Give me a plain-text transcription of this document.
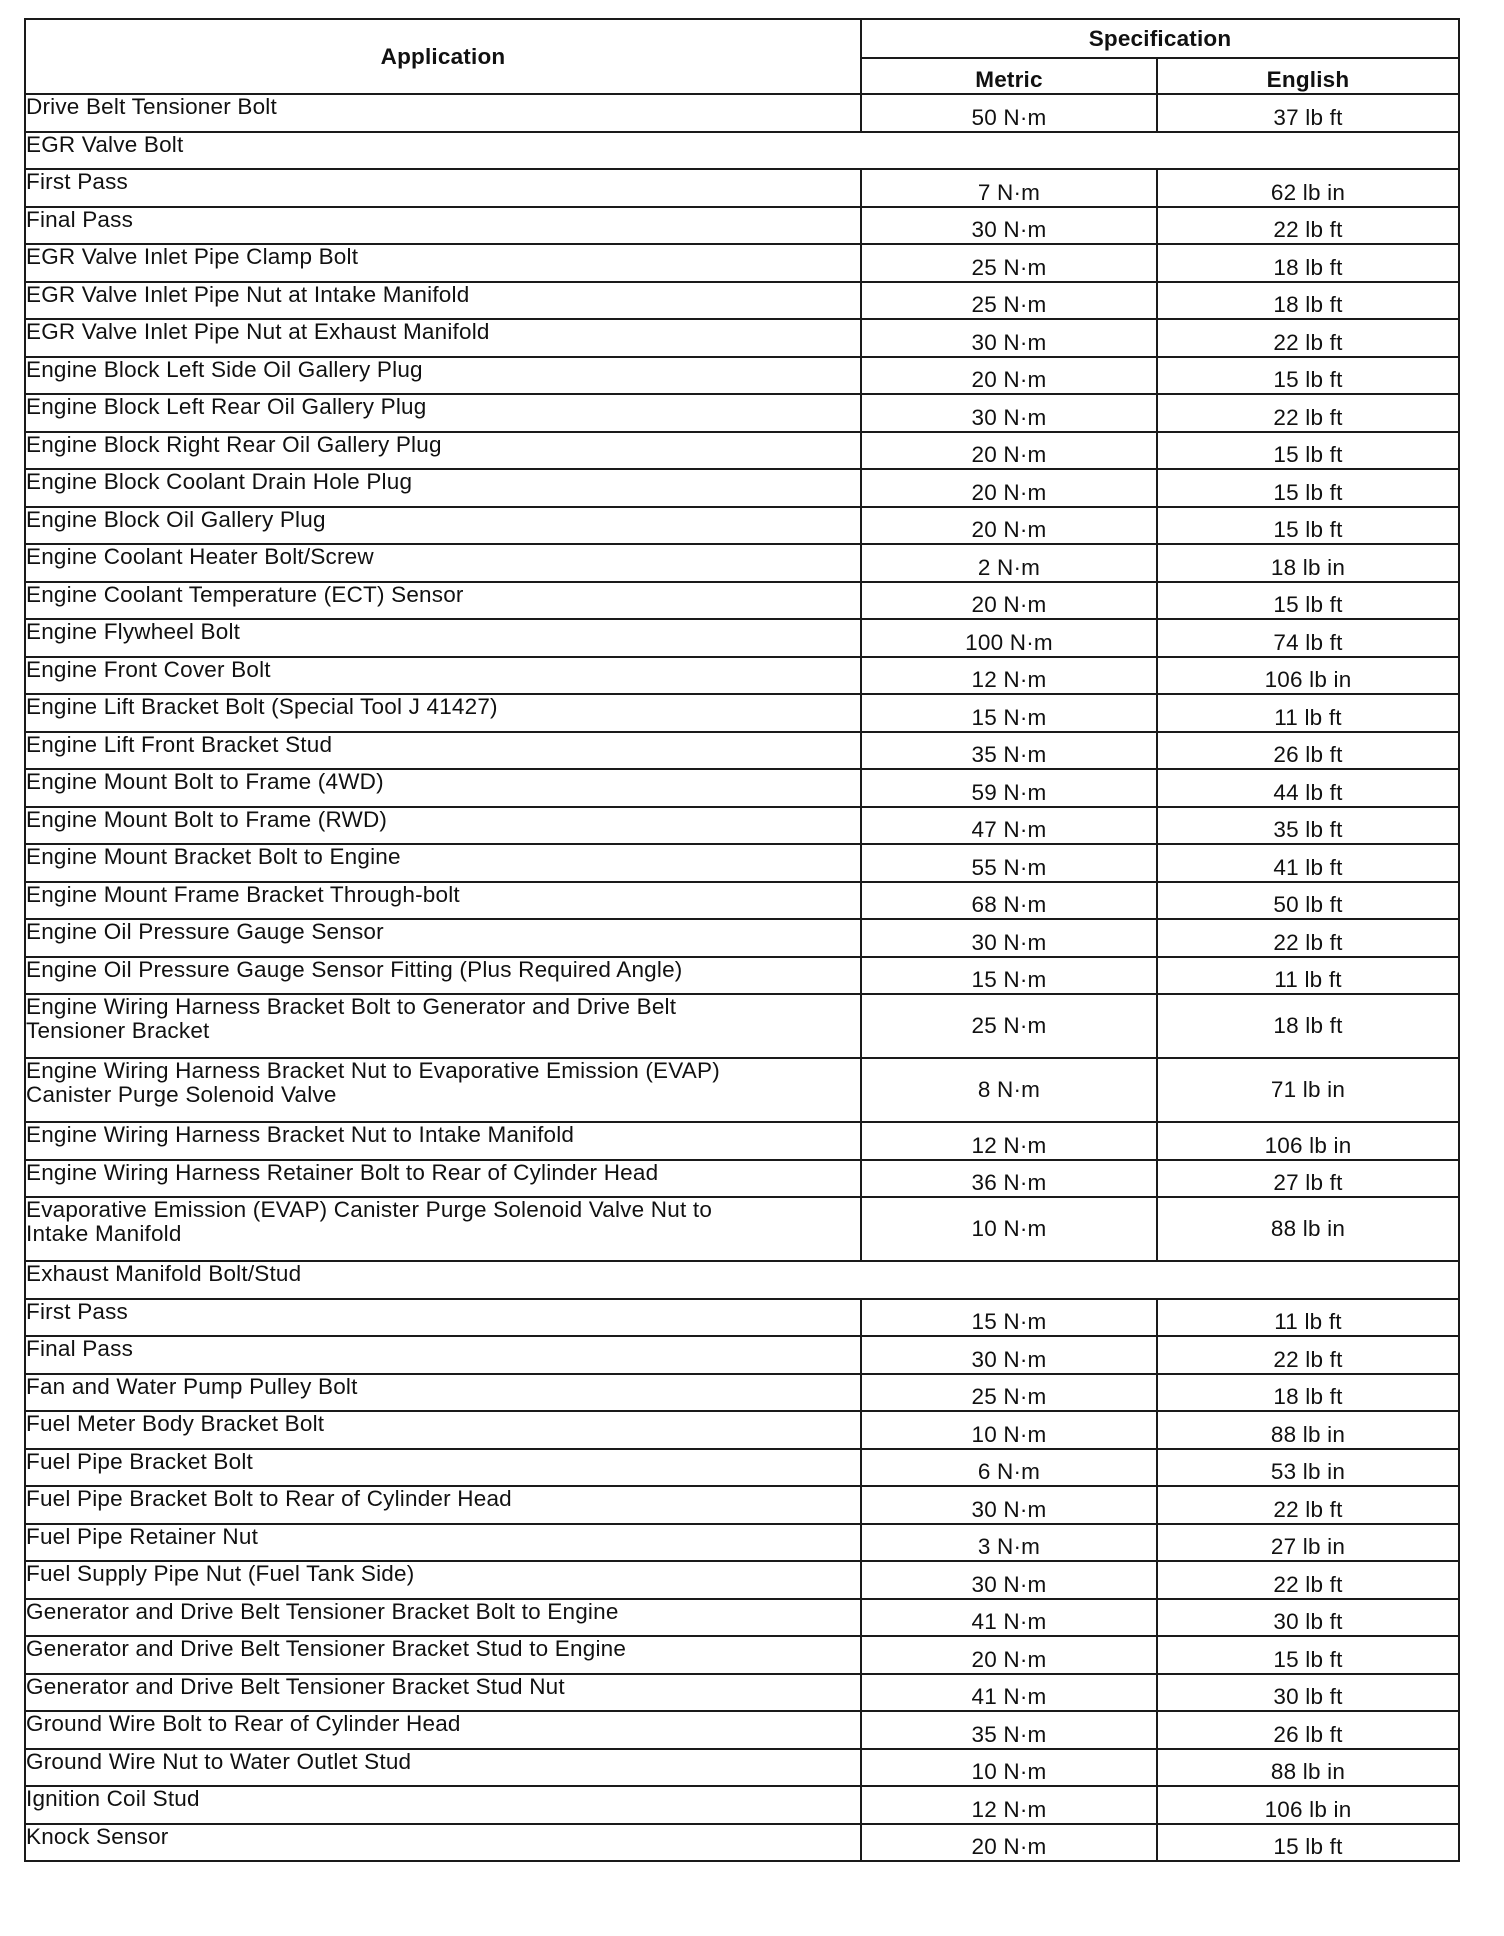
Application	Specification	
	Metric	English
Drive Belt Tensioner Bolt	50 N·m	37 lb ft
EGR Valve Bolt		
First Pass	7 N·m	62 lb in
Final Pass	30 N·m	22 lb ft
EGR Valve Inlet Pipe Clamp Bolt	25 N·m	18 lb ft
EGR Valve Inlet Pipe Nut at Intake Manifold	25 N·m	18 lb ft
EGR Valve Inlet Pipe Nut at Exhaust Manifold	30 N·m	22 lb ft
Engine Block Left Side Oil Gallery Plug	20 N·m	15 lb ft
Engine Block Left Rear Oil Gallery Plug	30 N·m	22 lb ft
Engine Block Right Rear Oil Gallery Plug	20 N·m	15 lb ft
Engine Block Coolant Drain Hole Plug	20 N·m	15 lb ft
Engine Block Oil Gallery Plug	20 N·m	15 lb ft
Engine Coolant Heater Bolt/Screw	2 N·m	18 lb in
Engine Coolant Temperature (ECT) Sensor	20 N·m	15 lb ft
Engine Flywheel Bolt	100 N·m	74 lb ft
Engine Front Cover Bolt	12 N·m	106 lb in
Engine Lift Bracket Bolt (Special Tool J 41427)	15 N·m	11 lb ft
Engine Lift Front Bracket Stud	35 N·m	26 lb ft
Engine Mount Bolt to Frame (4WD)	59 N·m	44 lb ft
Engine Mount Bolt to Frame (RWD)	47 N·m	35 lb ft
Engine Mount Bracket Bolt to Engine	55 N·m	41 lb ft
Engine Mount Frame Bracket Through-bolt	68 N·m	50 lb ft
Engine Oil Pressure Gauge Sensor	30 N·m	22 lb ft
Engine Oil Pressure Gauge Sensor Fitting (Plus Required Angle)	15 N·m	11 lb ft

Engine Wiring Harness Bracket Bolt to Generator and Drive Belt
Tensioner Bracket	25 N·m	18 lb ft

Engine Wiring Harness Bracket Nut to Evaporative Emission (EVAP)
Canister Purge Solenoid Valve	8 N·m	71 lb in
Engine Wiring Harness Bracket Nut to Intake Manifold	12 N·m	106 lb in
Engine Wiring Harness Retainer Bolt to Rear of Cylinder Head	36 N·m	27 lb ft

Evaporative Emission (EVAP) Canister Purge Solenoid Valve Nut to
Intake Manifold	10 N·m	88 lb in
Exhaust Manifold Bolt/Stud		
First Pass	15 N·m	11 lb ft
Final Pass	30 N·m	22 lb ft
Fan and Water Pump Pulley Bolt	25 N·m	18 lb ft
Fuel Meter Body Bracket Bolt	10 N·m	88 lb in
Fuel Pipe Bracket Bolt	6 N·m	53 lb in
Fuel Pipe Bracket Bolt to Rear of Cylinder Head	30 N·m	22 lb ft
Fuel Pipe Retainer Nut	3 N·m	27 lb in
Fuel Supply Pipe Nut (Fuel Tank Side)	30 N·m	22 lb ft
Generator and Drive Belt Tensioner Bracket Bolt to Engine	41 N·m	30 lb ft
Generator and Drive Belt Tensioner Bracket Stud to Engine	20 N·m	15 lb ft
Generator and Drive Belt Tensioner Bracket Stud Nut	41 N·m	30 lb ft
Ground Wire Bolt to Rear of Cylinder Head	35 N·m	26 lb ft
Ground Wire Nut to Water Outlet Stud	10 N·m	88 lb in
Ignition Coil Stud	12 N·m	106 lb in
Knock Sensor	20 N·m	15 lb ft
